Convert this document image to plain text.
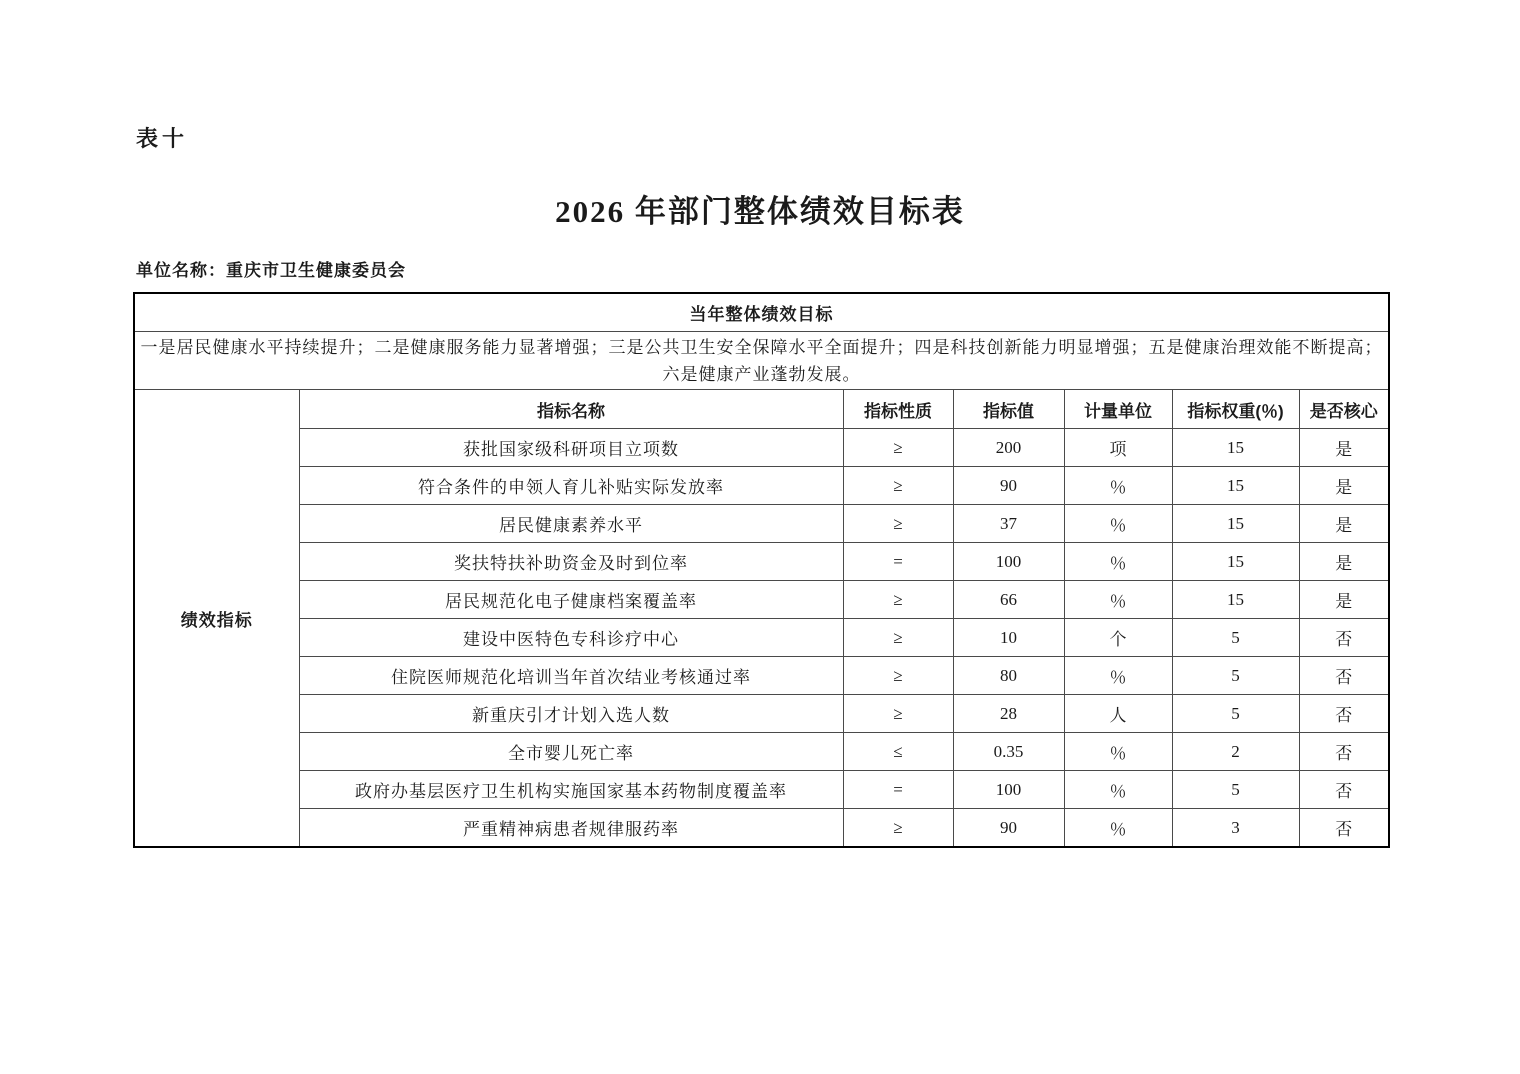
表十
2026 年部门整体绩效目标表
单位名称：重庆市卫生健康委员会
当年整体绩效目标						
一是居民健康水平持续提升；二是健康服务能力显著增强；三是公共卫生安全保障水平全面提升；四是科技创新能力明显增强；五是健康治理效能不断提高；六是健康产业蓬勃发展。						
绩效指标	指标名称	指标性质	指标值	计量单位	指标权重(％)	是否核心
	获批国家级科研项目立项数	≥	200	项	15	是
	符合条件的申领人育儿补贴实际发放率	≥	90	％	15	是
	居民健康素养水平	≥	37	％	15	是
	奖扶特扶补助资金及时到位率	=	100	％	15	是
	居民规范化电子健康档案覆盖率	≥	66	％	15	是
	建设中医特色专科诊疗中心	≥	10	个	5	否
	住院医师规范化培训当年首次结业考核通过率	≥	80	％	5	否
	新重庆引才计划入选人数	≥	28	人	5	否
	全市婴儿死亡率	≤	0.35	％	2	否
	政府办基层医疗卫生机构实施国家基本药物制度覆盖率	=	100	％	5	否
	严重精神病患者规律服药率	≥	90	％	3	否
